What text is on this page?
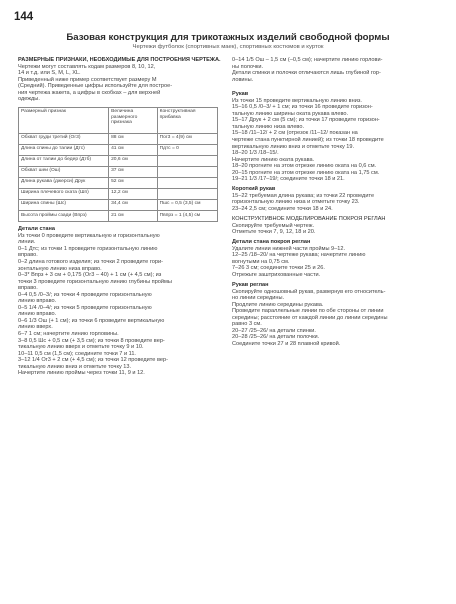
144
Базовая конструкция для трикотажных изделий свободной формы
Чертежи футболок (спортивных маек), спортивных костюмов и курток

РАЗМЕРНЫЕ ПРИЗНАКИ, НЕОБХОДИМЫЕ ДЛЯ ПОСТРОЕНИЯ ЧЕРТЕЖА.

Чертежи могут составлять кодам размеров 8, 10, 12,

14 и т.д. или S, M, L, XL.

Приведенный ниже пример соответствует размеру M

(Средний). Приведенные цифры используйте для построе-

ния чертежа жакета, а цифры в скобках – для верхней

одежды.

Размерный признак	Величина размерного признака	Конструктивная прибавка
Обхват груди третий (Ог3)	88 см	Пог3 = 4(9) см
Длина спины до талии (Дтс)	41 см	Пдтс = 0
Длина от талии до бедер (Дтб)	20,6 см	
Обхват шеи (Ош)	37 см	
Длина рукава (джерси) Друк	52 см	
Ширина плечевого ската (Шп)	12,2 см	
Ширина спины (Шс)	34,4 см	Пшс = 0,5 (3,5) см
Высота проймы сзади (Впрз)	21 см	Пвпрз = 1 (4,5) см

Детали стана

Из точки 0 проведите вертикальную и горизонтальную

линии.

0–1 Дтс; из точки 1 проведите горизонтальную линию

вправо.

0–2 длина готового изделия; из точки 2 проведите гори-

зонтальную линию низа вправо.

0–3* Впрз + 3 см + 0,175 (Ог3 – 40) + 1 см (+ 4,5 см); из

точки 3 проведите горизонтальную линию глубины проймы

вправо.

0–4 0,5 /0–3/; из точки 4 проведите горизонтальную

линию вправо.

0–5 1/4 /0–4/; из точки 5 проведите горизонтальную

линию вправо.

0–6 1/3 Ош (+ 1 см); из точки 6 проведите вертикальную

линию вверх.

6–7 1 см; начертите линию горловины.

3–8 0,5 Шс + 0,5 см (+ 3,5 см); из точки 8 проведите вер-

тикальную линию вверх и отметьте точку 9 и 10.

10–11 0,5 см (1,5 см); соедините точки 7 и 11.

3–12 1/4 Ог3 + 2 см (+ 4,5 см); из точки 12 проведите вер-

тикальную линию вниз и отметьте точку 13.

Начертите линию проймы через точки 11, 9 и 12.

0–14 1/5 Ош – 1,5 см (–0,5 см); начертите линию горлови-

ны полочки.

Детали спинки и полочки отличаются лишь глубиной гор-

ловины.

Рукав

Из точки 15 проведите вертикальную линию вниз.

15–16 0,5 /0–3/ + 1 см; из точки 16 проведите горизон-

тальную линию ширины оката рукава влево.

15–17 Друк + 2 см (5 см); из точки 17 проведите горизон-

тальную линию низа влево.

15–18 /11–12/ + 2 см (отрезок /11–12/ показан на

чертеже стана пунктирной линией); из точки 18 проведите

вертикальную линию вниз и отметьте точку 19.

18–20 1/3 /18–15/.

Начертите линию оката рукава.

18–20 прогните на этом отрезке линию оката на 0,6 см.

20–15 прогните на этом отрезке линию оката на 1,75 см.

19–21 1/3 /17–19/; соедините точки 18 и 21.

Короткий рукав

15–22 требуемая длина рукава; из точки 22 проведите

горизонтальную линию низа и отметьте точку 23.

23–24 2,5 см; соедините точки 18 и 24.

КОНСТРУКТИВНОЕ МОДЕЛИРОВАНИЕ ПОКРОЯ РЕГЛАН

Скопируйте требуемый чертеж.

Отметьте точки 7, 9, 12, 18 и 20.

Детали стана покроя реглан

Удалите линии нижней части проймы 9–12.

12–25 /18–20/ на чертеже рукава; начертите линию

вогнутыми на 0,75 см.

7–26 3 см; соедините точки 25 и 26.

Отрежьте заштрихованные части.

Рукав реглан

Скопируйте одношовный рукав, развернув его относитель-

но линии середины.

Продлите линию середины рукава.

Проведите параллельные линии по обе стороны от линии

середины; расстояние от каждой линии до линии середины

равно 3 см.

20–27 /25–26/ на детали спинки.

20–28 /25–26/ на детали полочки.

Соедините точки 27 и 28 плавной кривой.
